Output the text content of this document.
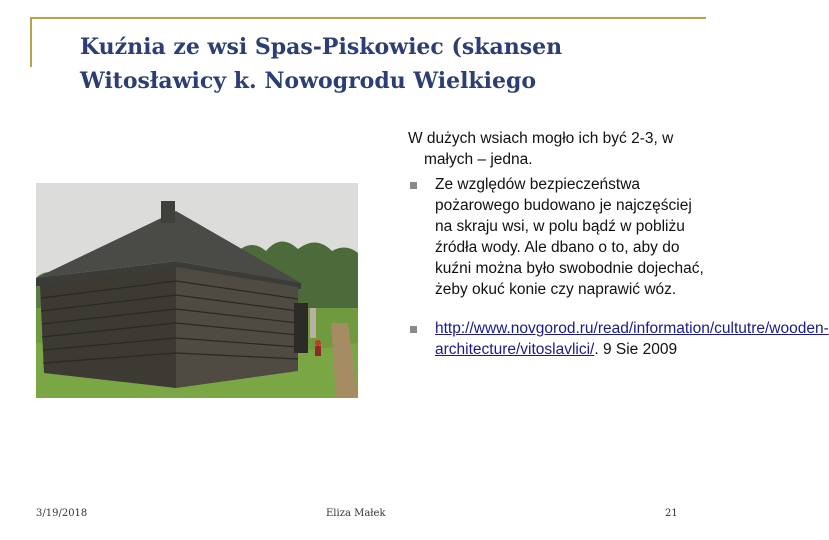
Kuźnia ze wsi Spas-Piskowiec (skansen
Witosławicy k. Nowogrodu Wielkiego
W dużych wsiach mogło ich być 2-3, w małych – jedna.
Ze względów bezpieczeństwa pożarowego budowano je najczęściej na skraju wsi, w polu bądź w pobliżu źródła wody. Ale dbano o to, aby do kuźni można było swobodnie dojechać, żeby okuć konie czy naprawić wóz.
http://www.novgorod.ru/read/information/cultutre/wooden-architecture/vitoslavlici/. 9 Sie 2009
3/19/2018	Eliza Małek	21
